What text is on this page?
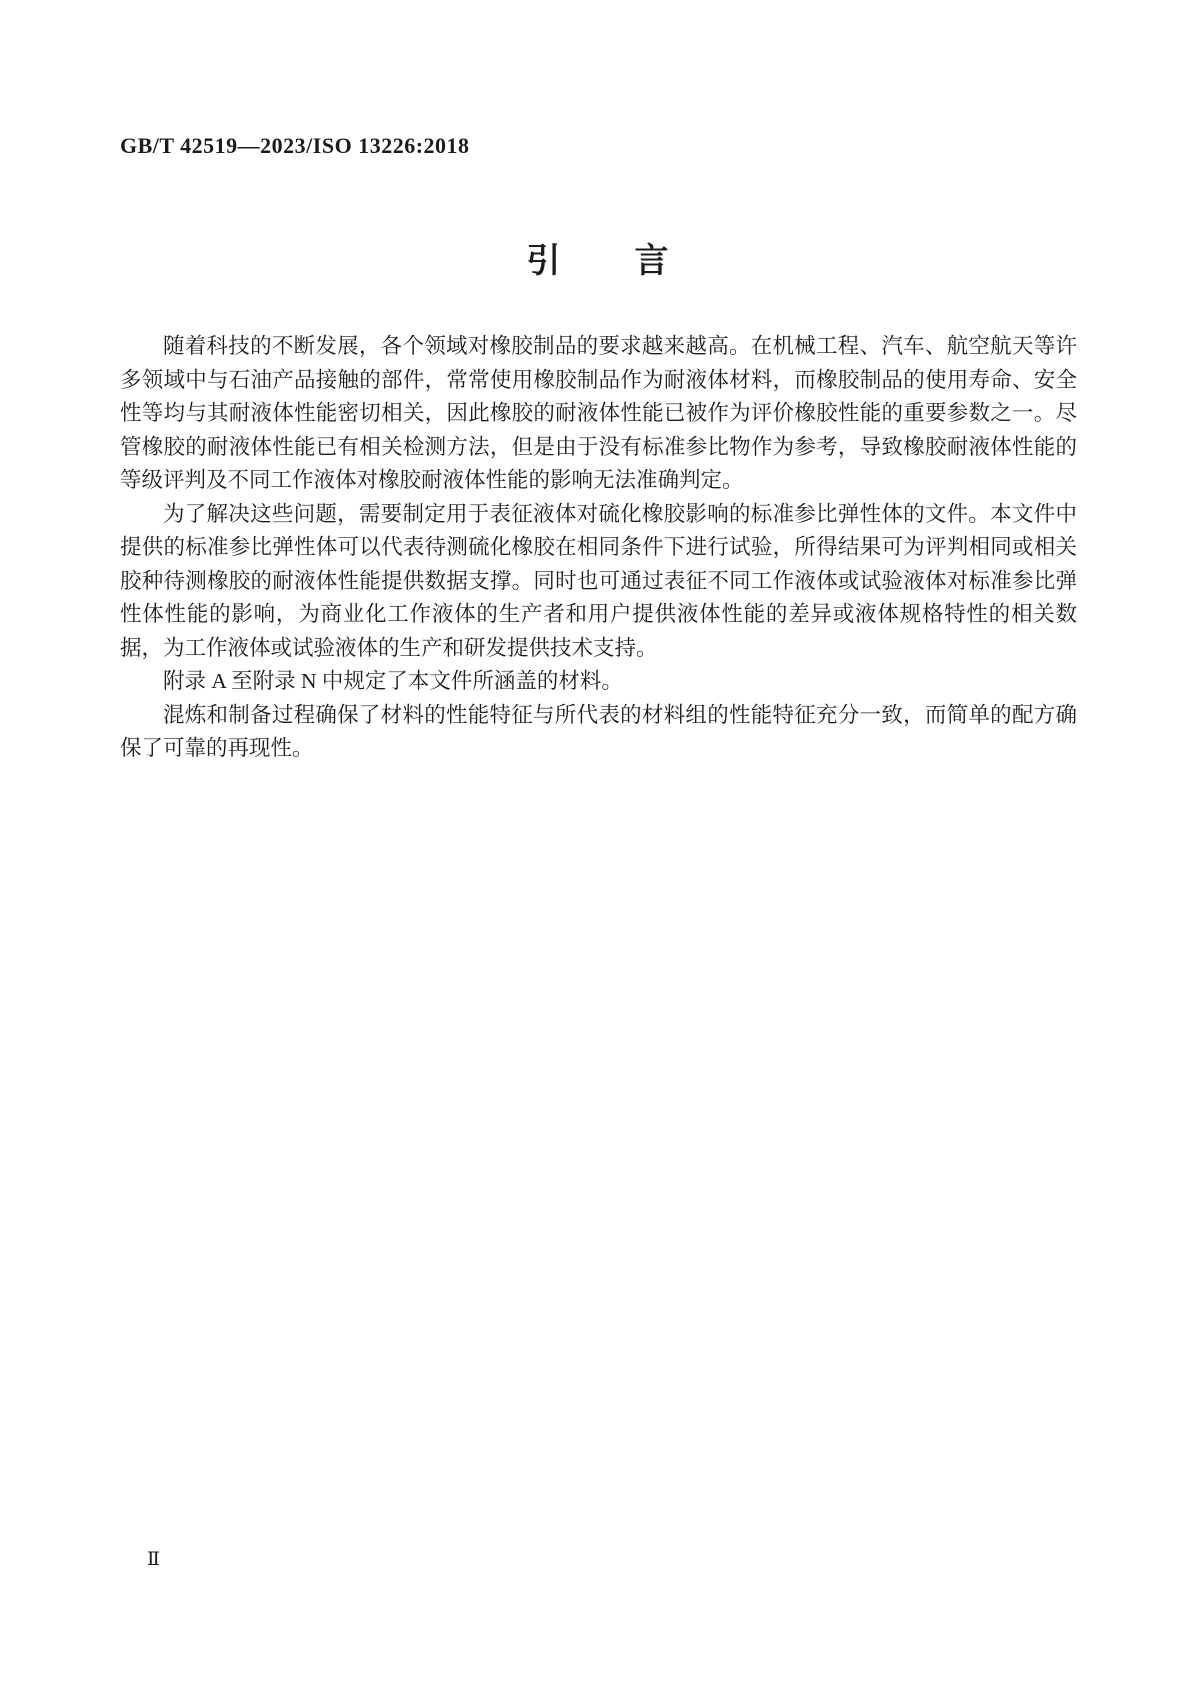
GB/T 42519—2023/ISO 13226:2018
引　　言

随着科技的不断发展，各个领域对橡胶制品的要求越来越高。在机械工程、汽车、航空航天等许多领域中与石油产品接触的部件，常常使用橡胶制品作为耐液体材料，而橡胶制品的使用寿命、安全性等均与其耐液体性能密切相关，因此橡胶的耐液体性能已被作为评价橡胶性能的重要参数之一。尽管橡胶的耐液体性能已有相关检测方法，但是由于没有标准参比物作为参考，导致橡胶耐液体性能的等级评判及不同工作液体对橡胶耐液体性能的影响无法准确判定。

为了解决这些问题，需要制定用于表征液体对硫化橡胶影响的标准参比弹性体的文件。本文件中提供的标准参比弹性体可以代表待测硫化橡胶在相同条件下进行试验，所得结果可为评判相同或相关胶种待测橡胶的耐液体性能提供数据支撑。同时也可通过表征不同工作液体或试验液体对标准参比弹性体性能的影响，为商业化工作液体的生产者和用户提供液体性能的差异或液体规格特性的相关数据，为工作液体或试验液体的生产和研发提供技术支持。

附录 A 至附录 N 中规定了本文件所涵盖的材料。

混炼和制备过程确保了材料的性能特征与所代表的材料组的性能特征充分一致，而简单的配方确保了可靠的再现性。

Ⅱ
